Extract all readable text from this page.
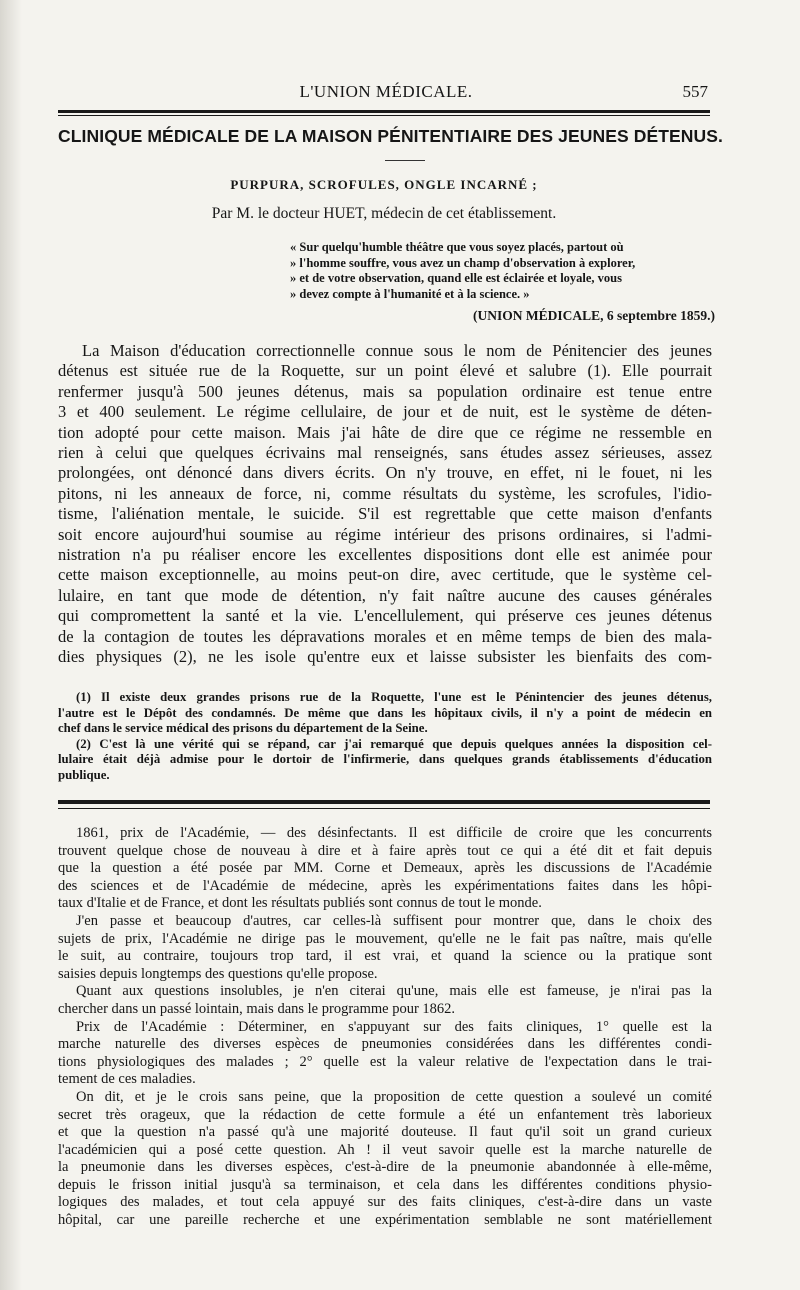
L'UNION MÉDICALE.	557
CLINIQUE MÉDICALE DE LA MAISON PÉNITENTIAIRE DES JEUNES DÉTENUS.
PURPURA, SCROFULES, ONGLE INCARNÉ ;
Par M. le docteur HUET, médecin de cet établissement.
« Sur quelqu'humble théâtre que vous soyez placés, partout où
» l'homme souffre, vous avez un champ d'observation à explorer,
» et de votre observation, quand elle est éclairée et loyale, vous
» devez compte à l'humanité et à la science. »
(UNION MÉDICALE, 6 septembre 1859.)
La Maison d'éducation correctionnelle connue sous le nom de Pénitencier des jeunes
détenus est située rue de la Roquette, sur un point élevé et salubre (1). Elle pourrait
renfermer jusqu'à 500 jeunes détenus, mais sa population ordinaire est tenue entre
3 et 400 seulement. Le régime cellulaire, de jour et de nuit, est le système de déten-
tion adopté pour cette maison. Mais j'ai hâte de dire que ce régime ne ressemble en
rien à celui que quelques écrivains mal renseignés, sans études assez sérieuses, assez
prolongées, ont dénoncé dans divers écrits. On n'y trouve, en effet, ni le fouet, ni les
pitons, ni les anneaux de force, ni, comme résultats du système, les scrofules, l'idio-
tisme, l'aliénation mentale, le suicide. S'il est regrettable que cette maison d'enfants
soit encore aujourd'hui soumise au régime intérieur des prisons ordinaires, si l'admi-
nistration n'a pu réaliser encore les excellentes dispositions dont elle est animée pour
cette maison exceptionnelle, au moins peut-on dire, avec certitude, que le système cel-
lulaire, en tant que mode de détention, n'y fait naître aucune des causes générales
qui compromettent la santé et la vie. L'encellulement, qui préserve ces jeunes détenus
de la contagion de toutes les dépravations morales et en même temps de bien des mala-
dies physiques (2), ne les isole qu'entre eux et laisse subsister les bienfaits des com-
(1) Il existe deux grandes prisons rue de la Roquette, l'une est le Pénintencier des jeunes détenus,
l'autre est le Dépôt des condamnés. De même que dans les hôpitaux civils, il n'y a point de médecin en
chef dans le service médical des prisons du département de la Seine.
(2) C'est là une vérité qui se répand, car j'ai remarqué que depuis quelques années la disposition cel-
lulaire était déjà admise pour le dortoir de l'infirmerie, dans quelques grands établissements d'éducation
publique.
1861, prix de l'Académie, — des désinfectants. Il est difficile de croire que les concurrents
trouvent quelque chose de nouveau à dire et à faire après tout ce qui a été dit et fait depuis
que la question a été posée par MM. Corne et Demeaux, après les discussions de l'Académie
des sciences et de l'Académie de médecine, après les expérimentations faites dans les hôpi-
taux d'Italie et de France, et dont les résultats publiés sont connus de tout le monde.
J'en passe et beaucoup d'autres, car celles-là suffisent pour montrer que, dans le choix des
sujets de prix, l'Académie ne dirige pas le mouvement, qu'elle ne le fait pas naître, mais qu'elle
le suit, au contraire, toujours trop tard, il est vrai, et quand la science ou la pratique sont
saisies depuis longtemps des questions qu'elle propose.
Quant aux questions insolubles, je n'en citerai qu'une, mais elle est fameuse, je n'irai pas la
chercher dans un passé lointain, mais dans le programme pour 1862.
Prix de l'Académie : Déterminer, en s'appuyant sur des faits cliniques, 1° quelle est la
marche naturelle des diverses espèces de pneumonies considérées dans les différentes condi-
tions physiologiques des malades ; 2° quelle est la valeur relative de l'expectation dans le trai-
tement de ces maladies.
On dit, et je le crois sans peine, que la proposition de cette question a soulevé un comité
secret très orageux, que la rédaction de cette formule a été un enfantement très laborieux
et que la question n'a passé qu'à une majorité douteuse. Il faut qu'il soit un grand curieux
l'académicien qui a posé cette question. Ah ! il veut savoir quelle est la marche naturelle de
la pneumonie dans les diverses espèces, c'est-à-dire de la pneumonie abandonnée à elle-même,
depuis le frisson initial jusqu'à sa terminaison, et cela dans les différentes conditions physio-
logiques des malades, et tout cela appuyé sur des faits cliniques, c'est-à-dire dans un vaste
hôpital, car une pareille recherche et une expérimentation semblable ne sont matériellement
